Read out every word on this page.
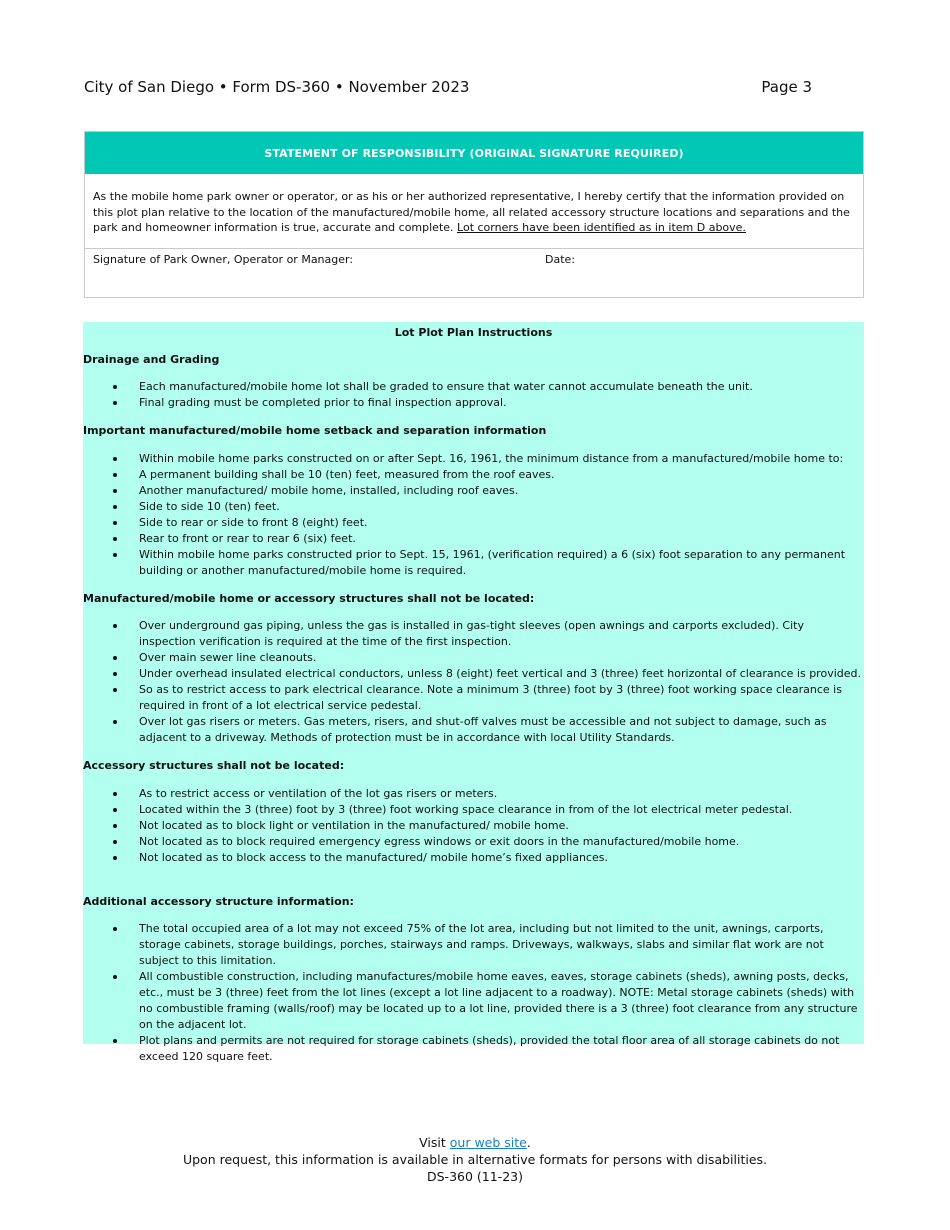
City of San Diego • Form DS-360 • November 2023	Page 3
STATEMENT OF RESPONSIBILITY (ORIGINAL SIGNATURE REQUIRED)
As the mobile home park owner or operator, or as his or her authorized representative, I hereby certify that the information provided on this plot plan relative to the location of the manufactured/mobile home, all related accessory structure locations and separations and the park and homeowner information is true, accurate and complete. Lot corners have been identified as in item D above.
Signature of Park Owner, Operator or Manager:	Date:
Lot Plot Plan Instructions
Drainage and Grading
Each manufactured/mobile home lot shall be graded to ensure that water cannot accumulate beneath the unit.
Final grading must be completed prior to final inspection approval.
Important manufactured/mobile home setback and separation information
Within mobile home parks constructed on or after Sept. 16, 1961, the minimum distance from a manufactured/mobile home to:
A permanent building shall be 10 (ten) feet, measured from the roof eaves.
Another manufactured/ mobile home, installed, including roof eaves.
Side to side 10 (ten) feet.
Side to rear or side to front 8 (eight) feet.
Rear to front or rear to rear 6 (six) feet.
Within mobile home parks constructed prior to Sept. 15, 1961, (verification required) a 6 (six) foot separation to any permanent building or another manufactured/mobile home is required.
Manufactured/mobile home or accessory structures shall not be located:
Over underground gas piping, unless the gas is installed in gas-tight sleeves (open awnings and carports excluded). City inspection verification is required at the time of the first inspection.
Over main sewer line cleanouts.
Under overhead insulated electrical conductors, unless 8 (eight) feet vertical and 3 (three) feet horizontal of clearance is provided.
So as to restrict access to park electrical clearance. Note a minimum 3 (three) foot by 3 (three) foot working space clearance is required in front of a lot electrical service pedestal.
Over lot gas risers or meters. Gas meters, risers, and shut-off valves must be accessible and not subject to damage, such as adjacent to a driveway. Methods of protection must be in accordance with local Utility Standards.
Accessory structures shall not be located:
As to restrict access or ventilation of the lot gas risers or meters.
Located within the 3 (three) foot by 3 (three) foot working space clearance in from of the lot electrical meter pedestal.
Not located as to block light or ventilation in the manufactured/ mobile home.
Not located as to block required emergency egress windows or exit doors in the manufactured/mobile home.
Not located as to block access to the manufactured/ mobile home’s fixed appliances.
Additional accessory structure information:
The total occupied area of a lot may not exceed 75% of the lot area, including but not limited to the unit, awnings, carports, storage cabinets, storage buildings, porches, stairways and ramps. Driveways, walkways, slabs and similar flat work are not subject to this limitation.
All combustible construction, including manufactures/mobile home eaves, eaves, storage cabinets (sheds), awning posts, decks, etc., must be 3 (three) feet from the lot lines (except a lot line adjacent to a roadway). NOTE: Metal storage cabinets (sheds) with no combustible framing (walls/roof) may be located up to a lot line, provided there is a 3 (three) foot clearance from any structure on the adjacent lot.
Plot plans and permits are not required for storage cabinets (sheds), provided the total floor area of all storage cabinets do not exceed 120 square feet.
Visit our web site.
Upon request, this information is available in alternative formats for persons with disabilities.
DS-360 (11-23)
